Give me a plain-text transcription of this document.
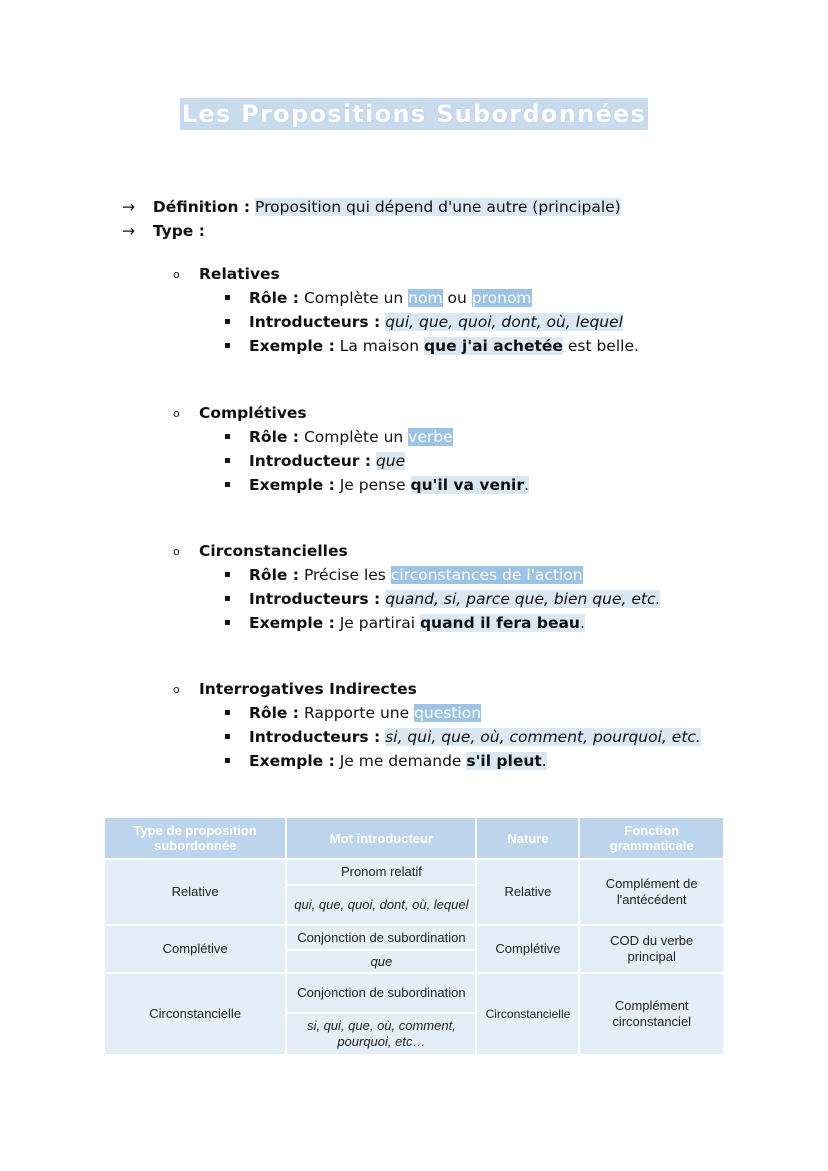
Les Propositions Subordonnées
→ Définition : Proposition qui dépend d'une autre (principale)
→ Type :
o Relatives
▪ Rôle : Complète un nom ou pronom
▪ Introducteurs : qui, que, quoi, dont, où, lequel
▪ Exemple : La maison que j'ai achetée est belle.
o Complétives
▪ Rôle : Complète un verbe
▪ Introducteur : que
▪ Exemple : Je pense qu'il va venir.
o Circonstancielles
▪ Rôle : Précise les circonstances de l'action
▪ Introducteurs : quand, si, parce que, bien que, etc.
▪ Exemple : Je partirai quand il fera beau.
o Interrogatives Indirectes
▪ Rôle : Rapporte une question
▪ Introducteurs : si, qui, que, où, comment, pourquoi, etc.
▪ Exemple : Je me demande s'il pleut.
Type de proposition subordonnée	Mot introducteur	Nature	Fonction grammaticale
Relative	Pronom relatif	Relative	Complément de l'antécédent
	qui, que, quoi, dont, où, lequel		
Complétive	Conjonction de subordination	Complétive	COD du verbe principal
	que		
Circonstancielle	Conjonction de subordination	Circonstancielle	Complément circonstanciel
	si, qui, que, où, comment, pourquoi, etc…		
